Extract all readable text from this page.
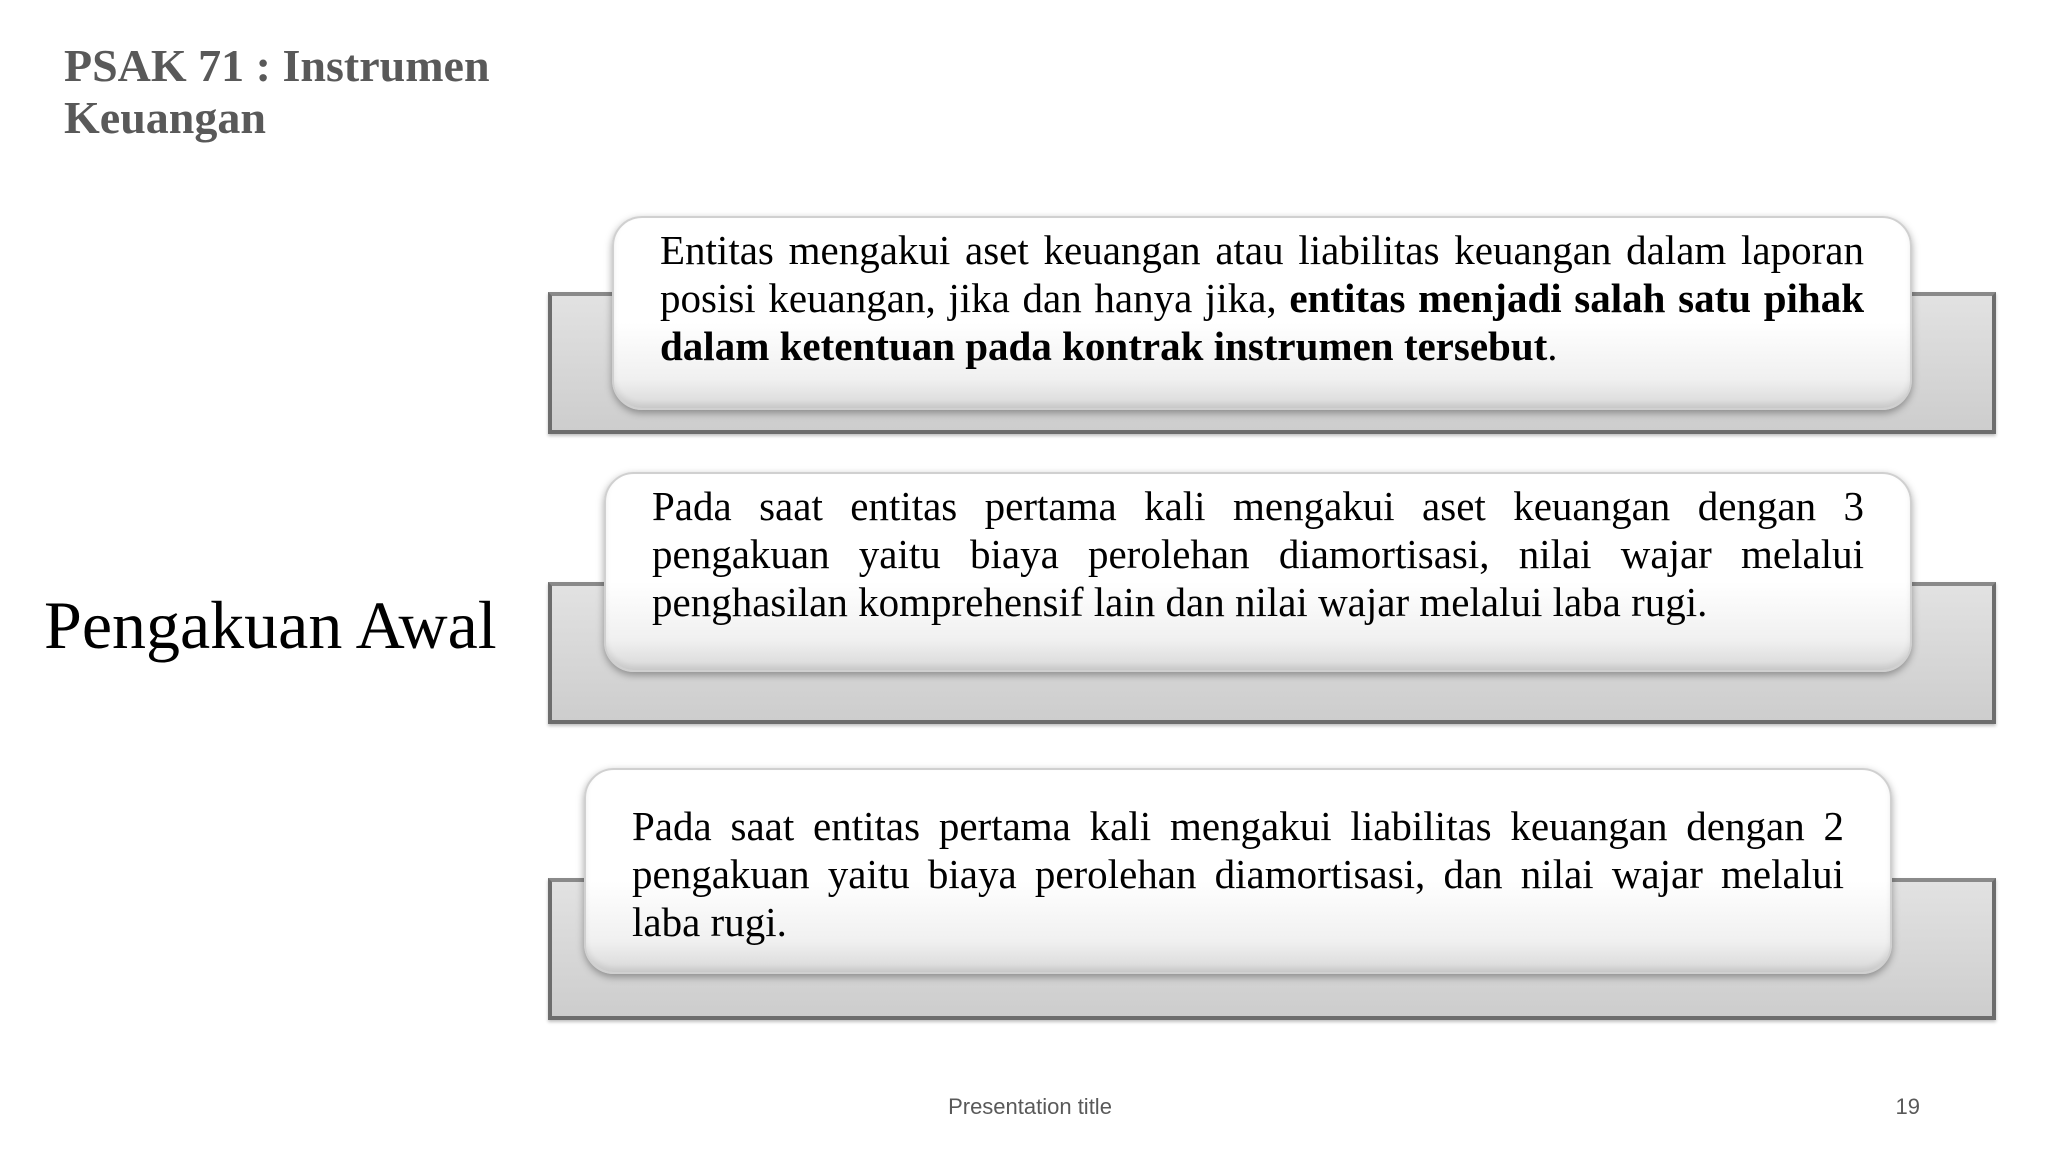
PSAK 71 : Instrumen Keuangan
Pengakuan Awal

Entitas mengakui aset keuangan atau liabilitas keuangan dalam laporan posisi keuangan, jika dan hanya jika, entitas menjadi salah satu pihak dalam ketentuan pada kontrak instrumen tersebut.

Pada saat entitas pertama kali mengakui aset keuangan dengan 3 pengakuan yaitu biaya perolehan diamortisasi, nilai wajar melalui penghasilan komprehensif lain dan nilai wajar melalui laba rugi.

Pada saat entitas pertama kali mengakui liabilitas keuangan dengan 2 pengakuan yaitu biaya perolehan diamortisasi, dan nilai wajar melalui laba rugi.

Presentation title	19
